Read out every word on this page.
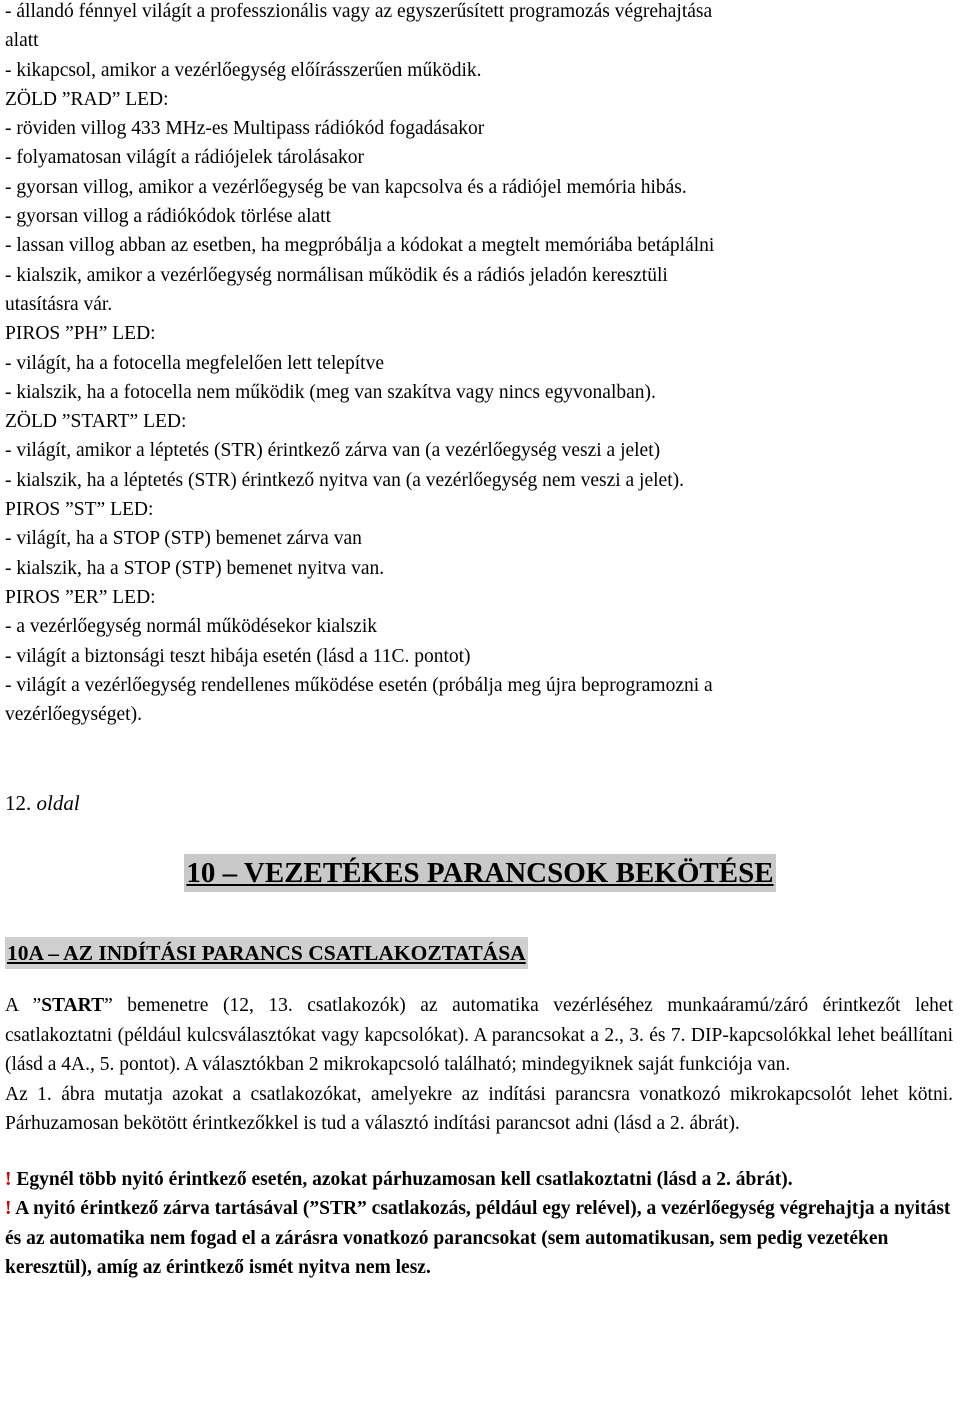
- állandó fénnyel világít a professzionális vagy az egyszerűsített programozás végrehajtása
alatt
- kikapcsol, amikor a vezérlőegység előírásszerűen működik.
ZÖLD ”RAD” LED:
- röviden villog 433 MHz-es Multipass rádiókód fogadásakor
- folyamatosan világít a rádiójelek tárolásakor
- gyorsan villog, amikor a vezérlőegység be van kapcsolva és a rádiójel memória hibás.
- gyorsan villog a rádiókódok törlése alatt
- lassan villog abban az esetben, ha megpróbálja a kódokat a megtelt memóriába betáplálni
- kialszik, amikor a vezérlőegység normálisan működik és a rádiós jeladón keresztüli
utasításra vár.
PIROS ”PH” LED:
- világít, ha a fotocella megfelelően lett telepítve
- kialszik, ha a fotocella nem működik (meg van szakítva vagy nincs egyvonalban).
ZÖLD ”START” LED:
- világít, amikor a léptetés (STR) érintkező zárva van (a vezérlőegység veszi a jelet)
- kialszik, ha a léptetés (STR) érintkező nyitva van (a vezérlőegység nem veszi a jelet).
PIROS ”ST” LED:
- világít, ha a STOP (STP) bemenet zárva van
- kialszik, ha a STOP (STP) bemenet nyitva van.
PIROS ”ER” LED:
- a vezérlőegység normál működésekor kialszik
- világít a biztonsági teszt hibája esetén (lásd a 11C. pontot)
- világít a vezérlőegység rendellenes működése esetén (próbálja meg újra beprogramozni a
vezérlőegységet).
12. oldal
10 – VEZETÉKES PARANCSOK BEKÖTÉSE
10A – AZ INDÍTÁSI PARANCS CSATLAKOZTATÁSA
A ”START” bemenetre (12, 13. csatlakozók) az automatika vezérléséhez munkaáramú/záró érintkezőt lehet csatlakoztatni (például kulcsválasztókat vagy kapcsolókat). A parancsokat a 2., 3. és 7. DIP-kapcsolókkal lehet beállítani (lásd a 4A., 5. pontot). A választókban 2 mikrokapcsoló található; mindegyiknek saját funkciója van.
Az 1. ábra mutatja azokat a csatlakozókat, amelyekre az indítási parancsra vonatkozó mikrokapcsolót lehet kötni. Párhuzamosan bekötött érintkezőkkel is tud a választó indítási parancsot adni (lásd a 2. ábrát).
! Egynél több nyitó érintkező esetén, azokat párhuzamosan kell csatlakoztatni (lásd a 2. ábrát).
! A nyitó érintkező zárva tartásával (”STR” csatlakozás, például egy relével), a vezérlőegység végrehajtja a nyitást és az automatika nem fogad el a zárásra vonatkozó parancsokat (sem automatikusan, sem pedig vezetéken keresztül), amíg az érintkező ismét nyitva nem lesz.
